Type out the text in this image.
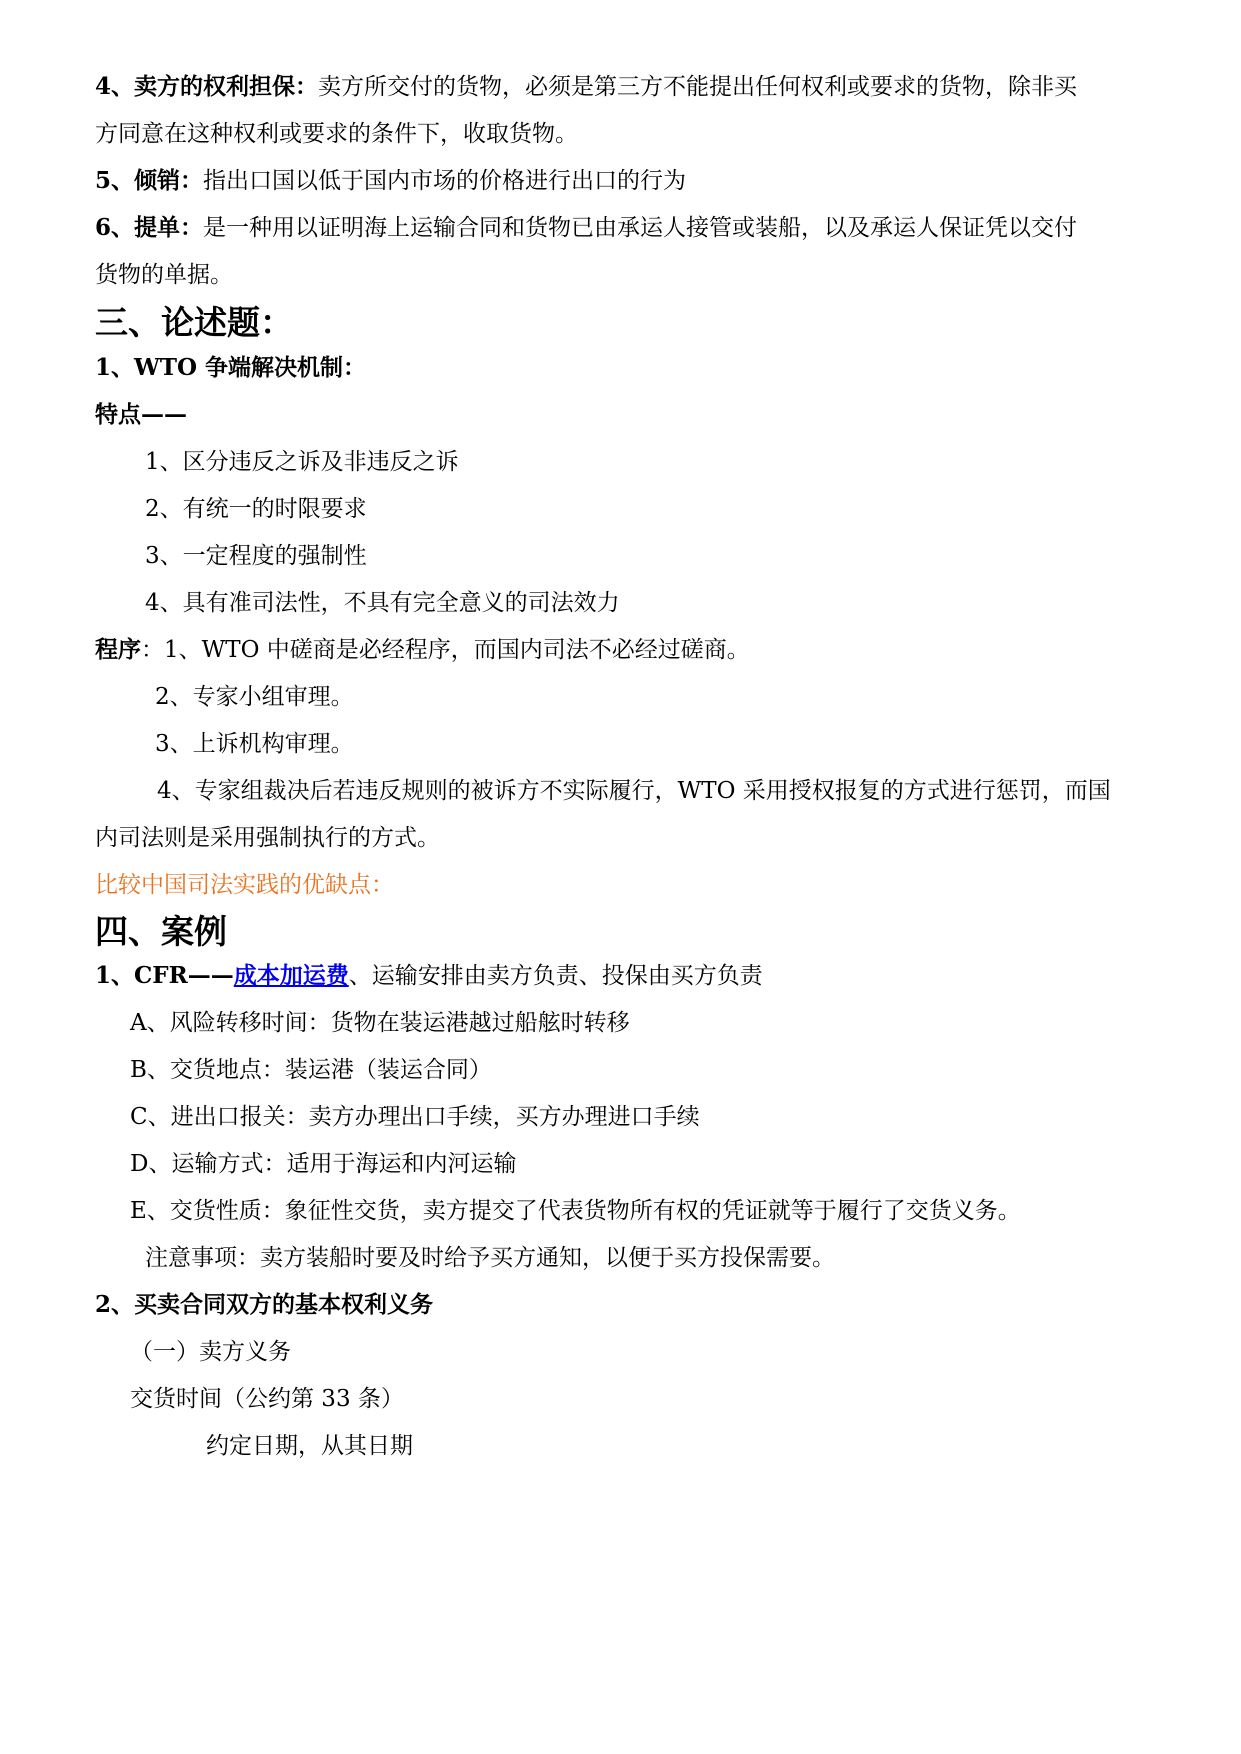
4、卖方的权利担保：卖方所交付的货物，必须是第三方不能提出任何权利或要求的货物，除非买
方同意在这种权利或要求的条件下，收取货物。
5、倾销：指出口国以低于国内市场的价格进行出口的行为
6、提单：是一种用以证明海上运输合同和货物已由承运人接管或装船，以及承运人保证凭以交付
货物的单据。
三、论述题：
1、WTO 争端解决机制：
特点——
1、区分违反之诉及非违反之诉
2、有统一的时限要求
3、一定程度的强制性
4、具有准司法性，不具有完全意义的司法效力
程序：1、WTO 中磋商是必经程序，而国内司法不必经过磋商。
2、专家小组审理。
3、上诉机构审理。
4、专家组裁决后若违反规则的被诉方不实际履行，WTO 采用授权报复的方式进行惩罚，而国
内司法则是采用强制执行的方式。
比较中国司法实践的优缺点：
四、案例
1、CFR——成本加运费、运输安排由卖方负责、投保由买方负责
A、风险转移时间：货物在装运港越过船舷时转移
B、交货地点：装运港（装运合同）
C、进出口报关：卖方办理出口手续，买方办理进口手续
D、运输方式：适用于海运和内河运输
E、交货性质：象征性交货，卖方提交了代表货物所有权的凭证就等于履行了交货义务。
注意事项：卖方装船时要及时给予买方通知，以便于买方投保需要。
2、买卖合同双方的基本权利义务
（一）卖方义务
交货时间（公约第 33 条）
约定日期，从其日期
